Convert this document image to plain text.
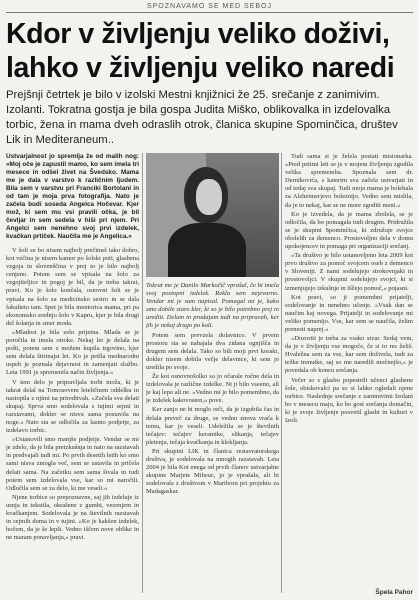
SPOZNAVAMO SE MED SEBOJ
Kdor v življenju veliko doživi, lahko v življenju veliko naredi

Prejšnji četrtek je bilo v izolski Mestni knjižnici že 25. srečanje z zanimivim. Izolanti. Tokratna gostja je bila gospa Judita Miško, oblikovalka in izdelovalka torbic, žena in mama dveh odraslih otrok, članica skupine Spominčica, društev Lik in Mediteraneum..

Ustvarjalnost jo spremlja že od malih nog: »Moj oče je zapustil mamo, ko sem imela tri mesece in odšel živet na Švedsko. Mama me je dala v varstvo k različnim ljudem. Bila sem v varstvu pri Franciki Bortolani in od tam je moja prva fotografija. Nato je začela budi soseda Angelca Hočevar. Kjer mož, ki sem mu vsi pravili očka, je bil čevljar in sem sedela v hiši pri njem. Pri Angelci sem nenehno svoj prvi izdelek, kvačkan prtiček. Naučila me je Angelica.«

V šoli se bo nisem najbolj prečimel tako dobro, kot večina je nisem kamor po šolski poti, glasbena vzgoja in slovenščina v prej to je bilo najbolj cenjeno. Potem sem se vpisala na šolo za vzgojiteljice in pogoj je bil, da je treba takrat, pravi. Ko je šolo končala, osnovni šoli se je vpisala na šolo za medicinsko sestro in se dala fakulteto tam. Spet je bila mentorica mama, pri pa ekonomsko srednjo šolo v Kapru, kjer je bila drugi del šolanja in smer moda.

»Mladost je bila zelo prijetna. Mlada se je poročila in imela otroke. Nekaj let je delala na pošti, potem sem z možem kupila trgovino, kjer sem delala štirinajst let. Ko je prišla mednarodni uspeh je poznala dejavnost in zamenjati službo. Leta 1991 je spremenila način življenja.«

V tem delo je pripravljala torbi moža, ki je takrat delal na Tomosovem leteličnem oddelku in nastopila z njimi na prireditvah. »Začela sva delati skupaj. Sprva smo sodelovala s tujimi sejmi in razstavami, dokler se nisva sama postavila na noge.« Nato sta se odločila za lastno podjetje, za izdelavo torbic.

»Ustanovili smo manjše podjetje. Vendar se mi je zdelo, da je bila preizkušnja in nato na razstavah in predvajali tudi mi. Po prvih desetih letih ko smo sami nisva zmogla več, sem se ustavila in pričela delati sama. Na začetku sem sama šivala in tudi potem sem izdelovala vse, kar so mi naročili. Odločila sem se za delo, ki me veseli.«

Njene torbice so prepoznavne, saj jih izdeluje iz usnja in tekstila, okrašene z gumbi, vezenjem in kvačkanjem. Sodelovala je na številnih razstavah in sejmih doma in v tujini. »Ko je kakšen izdelek, hočem, da je še lepši. Vedno iščem nove oblike in ne maram ponavljanja,« pravi.

Tokrat me je Danilo Markočič vprašal, če bi imela svoj postopni izdelek. Rekla sem nejevarno. Vendar mi je sam napisal. Pomagal mi je, kako smo dobile staro kler, ki so je bilo potrebno prej in urediti. Delam in prodajam tudi na pripravah, ker jih je nekaj drugo po koli.

Potem sem prevzela dolavnico. V prvem prostoru sta se nahajala dva zidana ognjišča in drugem sem delala. Tako so bili moji prvi koraki, dokler nisem dobila večje delavnice, ki sem jo uredila po svoje.

Že kot osnovnošolko so jo očarale ročne dela in izdelovala je različne izdelke. Ni ji bilo vseeno, ali je kaj lepo ali ne. »Vedno mi je bilo pomembno, da je izdelek kakovosten,« pove.

Ker zanjo ne bi moglo reči, da je izgubila čas in delala preveč za druge, se vedno znova vrača k temu, kar jo veseli. Udeležila se je številnih tečajev: tečajev keramike, slikanja, tečajev pletenja, tečaja kvačkanja in klekljanja.

Pri skupini LIK in članica restavratorskega društva, je sodelovala na mnogih razstavah. Leta 2004 je bila Kot enega od prvih članov ustvarjalne skupine Marjete Miheuc, jo je vprašala, ali bi sodelovala z društvom v Mariboru pri projektu za Madagaskar.

Tudi sama si je želela postati misionarka. »Pred petimi leti se je v mojem življenju zgodila velika sprememba. Spoznala sem dr. Dernikovića, s katerim sva začela ustvarjati in od tedaj sva skupaj. Tudi moja mama je bolehala za Alzheimerjevo boleznijo. Vedno sem mislila, da je to nekaj, kar se ne more zgoditi meni.«

Ko je izvedela, da je mama zbolela, se je odločila, da bo pomagala tudi drugim. Pridružila se je skupini Spominčica, ki združuje svojce obolelih za demenco. Prostovoljno dela v domu upokojencev in pomaga pri organizaciji srečanj.

»Ta društvo je bilo ustanovljeno leta 2009 kot prvo društvo za pomoč svojcem oseb z demenco v Sloveniji. Z nami sodelujejo strokovnjaki in prostovoljci. V skupini sodelujejo svojci, ki si izmenjujejo izkušnje in iščejo pomoč,« pojasni.

Kot pravi, so ji pomembni prijatelji, sodelovanje in nenehno učenje. »Vsak dan se naučim kaj novega. Prijatelji in sodelovanje mi veliko pomenijo. Vse, kar sem se naučila, želim prenesti naprej.«

»Dozoriti je treba za vsako stvar. Sedaj vem, da je v življenju vse mogoče, če si to res želiš. Hvaležna sem za vse, kar sem doživela, tudi za težke trenutke, saj so me naredili močnejšo,« je povedala ob koncu srečanja.

Večer so s glasbo popestrili učenci glasbene šole, obiskovalci pa so si lahko ogledali njene torbice. Naslednje srečanje z zanimivimi Izolani bo v mesecu maju, ko bo gost srečanja domačin, ki je svoje življenje posvetil glasbi in kulturi v Izoli.

Špela Pahor
